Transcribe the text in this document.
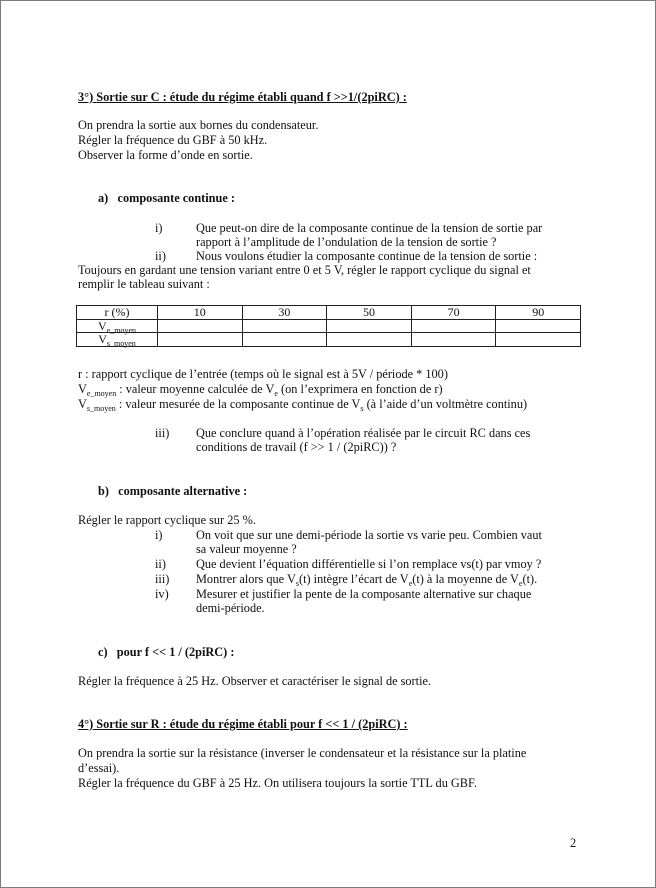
3°) Sortie sur C : étude du régime établi quand f >>1/(2piRC) :
On prendra la sortie aux bornes du condensateur.
Régler la fréquence du GBF à 50 kHz.
Observer la forme d’onde en sortie.
a) composante continue :
i)	Que peut-on dire de la composante continue de la tension de sortie par
rapport à l’amplitude de l’ondulation de la tension de sortie ?
ii)	Nous voulons étudier la composante continue de la tension de sortie :
Toujours en gardant une tension variant entre 0 et 5 V, régler le rapport cyclique du signal et
remplir le tableau suivant :
r (%)	10	30	50	70	90
$V_{e\_moyen}$					
$V_{s\_moyen}$					
r : rapport cyclique de l’entrée (temps où le signal est à 5V / période * 100)
$V_{e\_moyen}$ : valeur moyenne calculée de $V_e$ (on l’exprimera en fonction de r)
$V_{s\_moyen}$ : valeur mesurée de la composante continue de $V_s$ (à l’aide d’un voltmètre continu)
iii)	Que conclure quand à l’opération réalisée par le circuit RC dans ces
conditions de travail (f >> 1 / (2piRC)) ?
b) composante alternative :
Régler le rapport cyclique sur 25 %.
i)	On voit que sur une demi-période la sortie vs varie peu. Combien vaut
sa valeur moyenne ?
ii)	Que devient l’équation différentielle si l’on remplace vs(t) par vmoy ?
iii)	Montrer alors que $V_s(t)$ intègre l’écart de $V_e(t)$ à la moyenne de $V_e(t)$.
iv)	Mesurer et justifier la pente de la composante alternative sur chaque
demi-période.
c) pour f << 1 / (2piRC) :
Régler la fréquence à 25 Hz. Observer et caractériser le signal de sortie.
4°) Sortie sur R : étude du régime établi pour f << 1 / (2piRC) :
On prendra la sortie sur la résistance (inverser le condensateur et la résistance sur la platine
d’essai).
Régler la fréquence du GBF à 25 Hz. On utilisera toujours la sortie TTL du GBF.
2
